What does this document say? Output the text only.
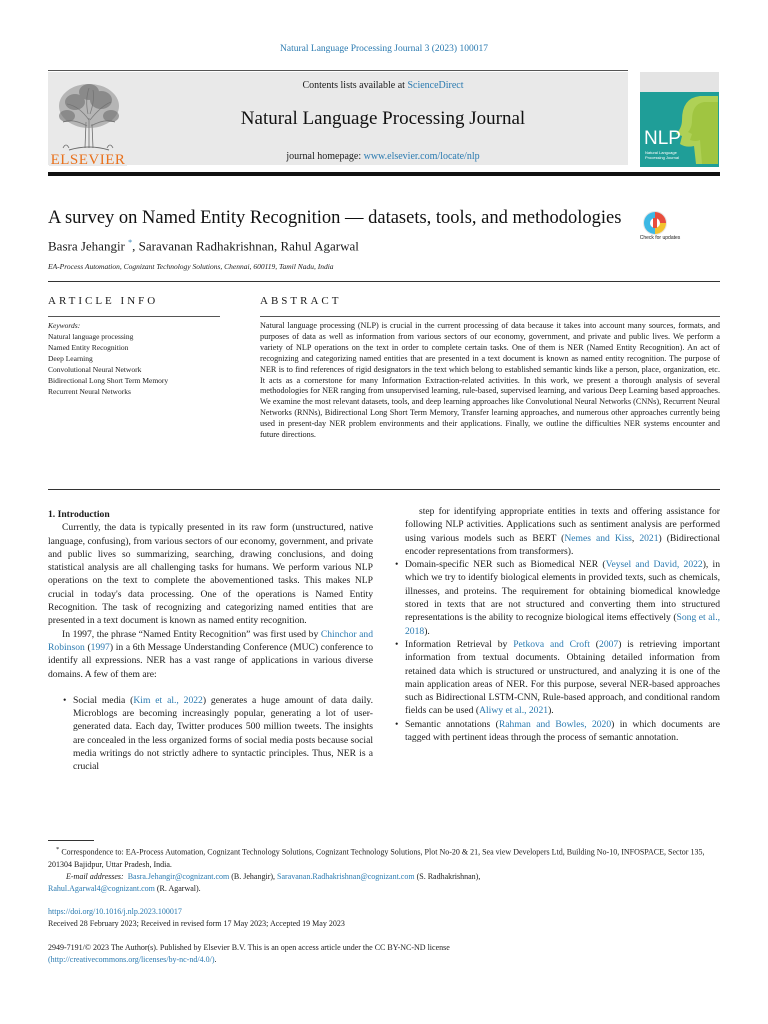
Natural Language Processing Journal 3 (2023) 100017
ELSEVIER
Contents lists available at ScienceDirect
Natural Language Processing Journal
journal homepage: www.elsevier.com/locate/nlp
NLP
Natural Language Processing Journal
A survey on Named Entity Recognition — datasets, tools, and methodologies
Basra Jehangir *, Saravanan Radhakrishnan, Rahul Agarwal
EA-Process Automation, Cognizant Technology Solutions, Chennai, 600119, Tamil Nadu, India
Check for updates
ARTICLE INFO	ABSTRACT
Keywords:
Natural language processing
Named Entity Recognition
Deep Learning
Convolutional Neural Network
Bidirectional Long Short Term Memory
Recurrent Neural Networks
Natural language processing (NLP) is crucial in the current processing of data because it takes into account many sources, formats, and purposes of data as well as information from various sectors of our economy, government, and private and public lives. We perform a variety of NLP operations on the text in order to complete certain tasks. One of them is NER (Named Entity Recognition). An act of recognizing and categorizing named entities that are presented in a text document is known as named entity recognition. The purpose of NER is to find references of rigid designators in the text which belong to established semantic kinds like a person, place, organization, etc. It acts as a cornerstone for many Information Extraction-related activities. In this work, we present a thorough analysis of several methodologies for NER ranging from unsupervised learning, rule-based, supervised learning, and various Deep Learning based approaches. We examine the most relevant datasets, tools, and deep learning approaches like Convolutional Neural Networks (CNNs), Recurrent Neural Networks (RNNs), Bidirectional Long Short Term Memory, Transfer learning approaches, and numerous other approaches currently being used in present-day NER problem environments and their applications. Finally, we outline the difficulties NER systems encounter and future directions.

1. Introduction

Currently, the data is typically presented in its raw form (unstructured, native language, confusing), from various sectors of our economy, government, and private and public lives so summarizing, searching, drawing conclusions, and doing statistical analysis are all challenging tasks for humans. We perform various NLP operations on the text to complete the abovementioned tasks. This makes NLP crucial in today's data processing. One of the operations is Named Entity Recognition. The task of recognizing and categorizing named entities that are presented in a text document is known as named entity recognition.

In 1997, the phrase “Named Entity Recognition” was first used by Chinchor and Robinson (1997) in a 6th Message Understanding Conference (MUC) conference to identify all expressions. NER has a vast range of applications in various diverse domains. A few of them are:

• Social media (Kim et al., 2022) generates a huge amount of data daily. Microblogs are becoming increasingly popular, generating a lot of user-generated data. Each day, Twitter produces 500 million tweets. The insights are concealed in the less organized forms of social media posts because social media writings do not strictly adhere to syntactic principles. Thus, NER is a crucial

step for identifying appropriate entities in texts and offering assistance for following NLP activities. Applications such as sentiment analysis are performed using various models such as BERT (Nemes and Kiss, 2021) (Bidirectional encoder representations from transformers).

• Domain-specific NER such as Biomedical NER (Veysel and David, 2022), in which we try to identify biological elements in provided texts, such as chemicals, illnesses, and proteins. The requirement for obtaining biomedical knowledge stored in texts that are not structured and converting them into structured representations is the ability to recognize biological items effectively (Song et al., 2018).
• Information Retrieval by Petkova and Croft (2007) is retrieving important information from textual documents. Obtaining detailed information from retained data which is structured or unstructured, and analyzing it is one of the main application areas of NER. For this purpose, several NER-based approaches such as Bidirectional LSTM-CNN, Rule-based approach, and conditional random fields can be used (Aliwy et al., 2021).
• Semantic annotations (Rahman and Bowles, 2020) in which documents are tagged with pertinent ideas through the process of semantic annotation.

* Correspondence to: EA-Process Automation, Cognizant Technology Solutions, Cognizant Technology Solutions, Plot No-20 & 21, Sea view Developers Ltd, Building No-10, INFOSPACE, Sector 135, 201304 Bajidpur, Uttar Pradesh, India.

E-mail addresses: Basra.Jehangir@cognizant.com (B. Jehangir), Saravanan.Radhakrishnan@cognizant.com (S. Radhakrishnan),

Rahul.Agarwal4@cognizant.com (R. Agarwal).

https://doi.org/10.1016/j.nlp.2023.100017
Received 28 February 2023; Received in revised form 17 May 2023; Accepted 19 May 2023
2949-7191/© 2023 The Author(s). Published by Elsevier B.V. This is an open access article under the CC BY-NC-ND license
(http://creativecommons.org/licenses/by-nc-nd/4.0/).
